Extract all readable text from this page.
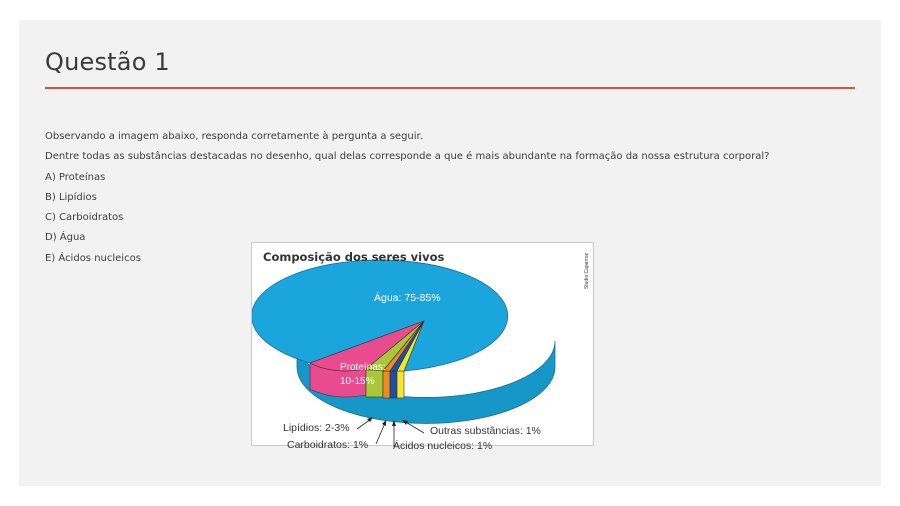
Questão 1

Observando a imagem abaixo, responda corretamente à pergunta a seguir.

Dentre todas as substâncias destacadas no desenho, qual delas corresponde a que é mais abundante na formação da nossa estrutura corporal?

A) Proteínas

B) Lipídios

C) Carboidratos

D) Água

E) Ácidos nucleicos

Água: 75-85%
Proteínas:
10-15%
Composição dos seres vivos	Studio Caparroz

Lipídios: 2-3%

Carboidratos: 1% Ácidos nucleicos: 1%

Outras substâncias: 1%
